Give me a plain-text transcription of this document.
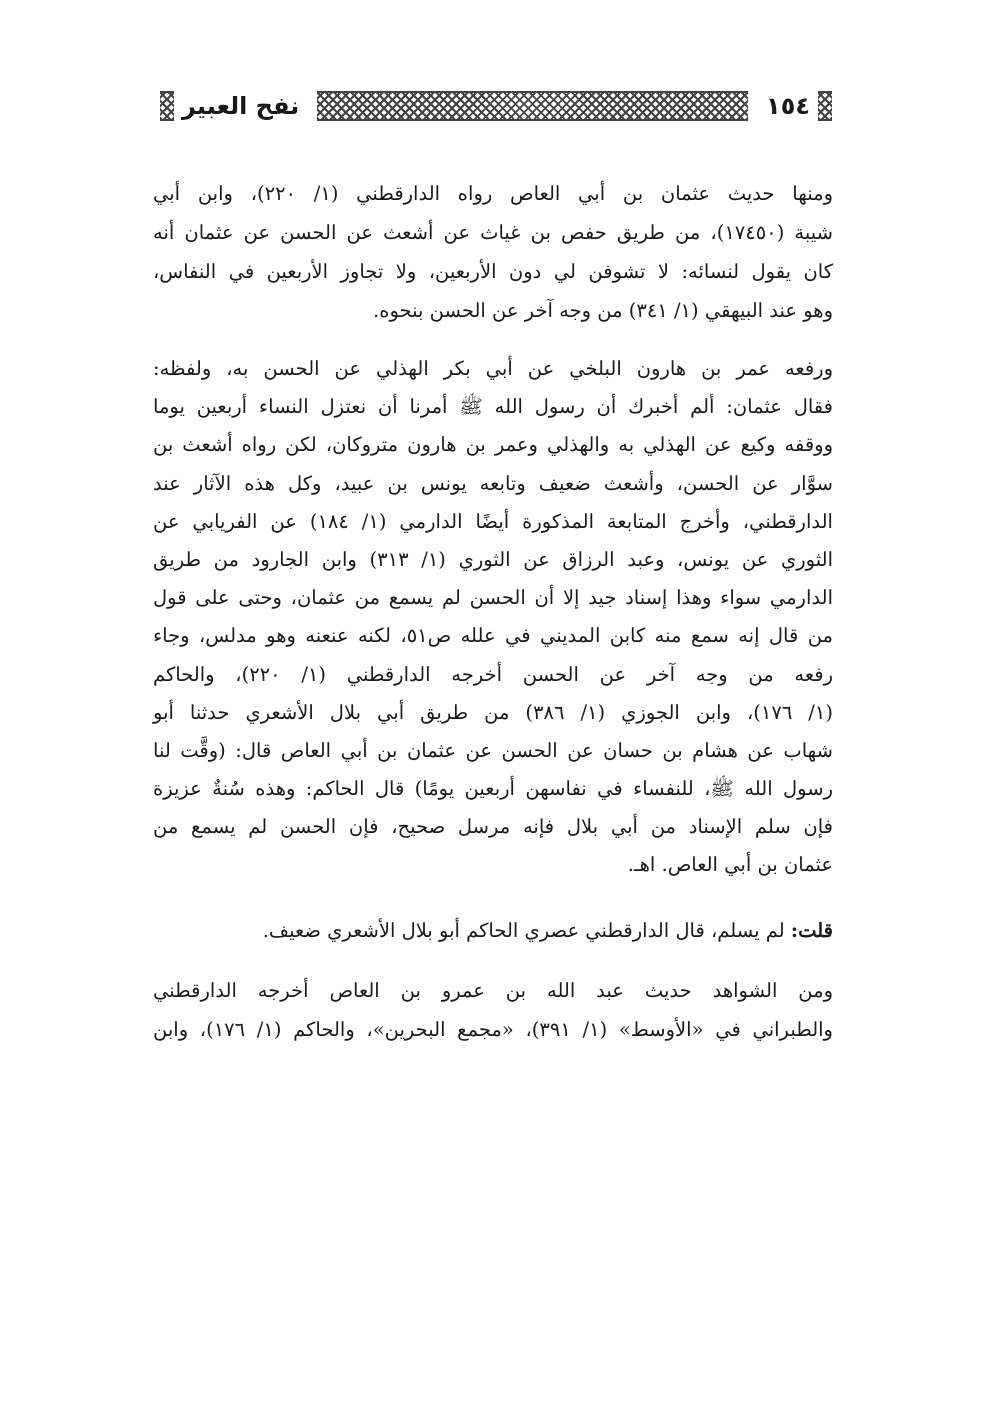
١٥٤
نفح العبير
ومنها حديث عثمان بن أبي العاص رواه الدارقطني (١/ ٢٢٠)، وابن أبي
شيبة (١٧٤٥٠)، من طريق حفص بن غياث عن أشعث عن الحسن عن عثمان أنه
كان يقول لنسائه: لا تشوفن لي دون الأربعين، ولا تجاوز الأربعين في النفاس،
وهو عند البيهقي (١/ ٣٤١) من وجه آخر عن الحسن بنحوه.
ورفعه عمر بن هارون البلخي عن أبي بكر الهذلي عن الحسن به، ولفظه:
فقال عثمان: ألم أخبرك أن رسول الله ﷺ أمرنا أن نعتزل النساء أربعين يوما
ووقفه وكيع عن الهذلي به والهذلي وعمر بن هارون متروكان، لكن رواه أشعث بن
سوَّار عن الحسن، وأشعث ضعيف وتابعه يونس بن عبيد، وكل هذه الآثار عند
الدارقطني، وأخرج المتابعة المذكورة أيضًا الدارمي (١/ ١٨٤) عن الفريابي عن
الثوري عن يونس، وعبد الرزاق عن الثوري (١/ ٣١٣) وابن الجارود من طريق
الدارمي سواء وهذا إسناد جيد إلا أن الحسن لم يسمع من عثمان، وحتى على قول
من قال إنه سمع منه كابن المديني في علله ص٥١، لكنه عنعنه وهو مدلس، وجاء
رفعه من وجه آخر عن الحسن أخرجه الدارقطني (١/ ٢٢٠)، والحاكم
(١/ ١٧٦)، وابن الجوزي (١/ ٣٨٦) من طريق أبي بلال الأشعري حدثنا أبو
شهاب عن هشام بن حسان عن الحسن عن عثمان بن أبي العاص قال: (وقَّت لنا
رسول الله ﷺ، للنفساء في نفاسهن أربعين يومًا) قال الحاكم: وهذه سُنةٌ عزيزة
فإن سلم الإسناد من أبي بلال فإنه مرسل صحيح، فإن الحسن لم يسمع من
عثمان بن أبي العاص. اهـ.
قلت: لم يسلم، قال الدارقطني عصري الحاكم أبو بلال الأشعري ضعيف.
ومن الشواهد حديث عبد الله بن عمرو بن العاص أخرجه الدارقطني
والطبراني في «الأوسط» (١/ ٣٩١)، «مجمع البحرين»، والحاكم (١/ ١٧٦)، وابن
